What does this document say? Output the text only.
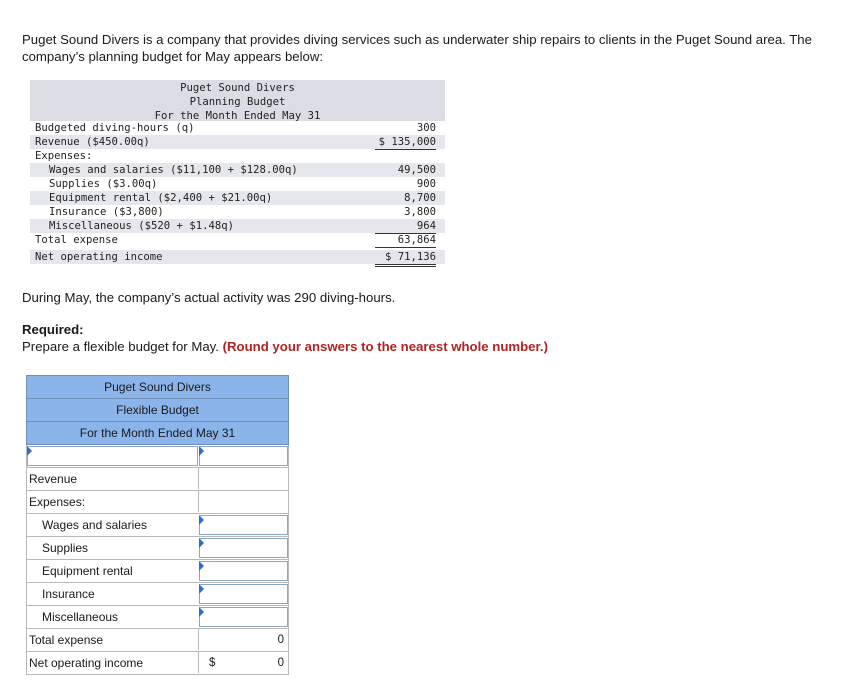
Puget Sound Divers is a company that provides diving services such as underwater ship repairs to clients in the Puget Sound area. The company’s planning budget for May appears below:
Puget Sound Divers
Planning Budget
For the Month Ended May 31
Budgeted diving-hours (q)	300
Revenue ($450.00q)	$ 135,000
Expenses:
Wages and salaries ($11,100 + $128.00q)	49,500
Supplies ($3.00q)	900
Equipment rental ($2,400 + $21.00q)	8,700
Insurance ($3,800)	3,800
Miscellaneous ($520 + $1.48q)	964
Total expense	63,864
Net operating income	$ 71,136
During May, the company’s actual activity was 290 diving-hours.
Required:
Prepare a flexible budget for May. (Round your answers to the nearest whole number.)
Puget Sound Divers
Flexible Budget
For the Month Ended May 31
Revenue
Expenses:
Wages and salaries
Supplies
Equipment rental
Insurance
Miscellaneous
Total expense	0
Net operating income	$	0
